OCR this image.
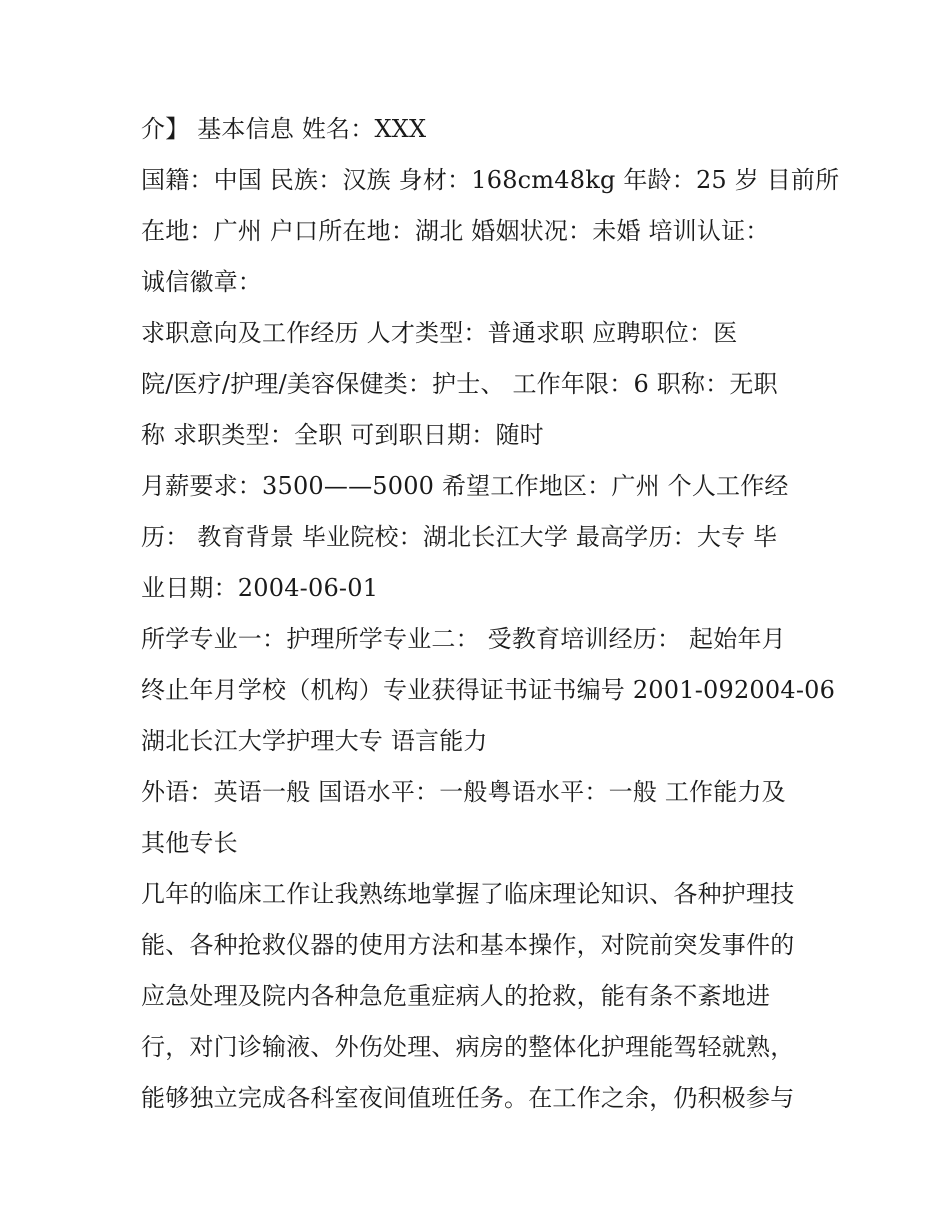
介】 基本信息 姓名：XXX
国籍：中国 民族：汉族 身材：168cm48kg 年龄：25 岁 目前所
在地：广州 户口所在地：湖北 婚姻状况：未婚 培训认证：
诚信徽章：
求职意向及工作经历 人才类型：普通求职 应聘职位：医
院/医疗/护理/美容保健类：护士、 工作年限：6 职称：无职
称 求职类型：全职 可到职日期：随时
月薪要求：3500——5000 希望工作地区：广州 个人工作经
历： 教育背景 毕业院校：湖北长江大学 最高学历：大专 毕
业日期：2004-06-01
所学专业一：护理所学专业二： 受教育培训经历： 起始年月
终止年月学校（机构）专业获得证书证书编号 2001-092004-06
湖北长江大学护理大专 语言能力
外语：英语一般 国语水平：一般粤语水平：一般 工作能力及
其他专长
几年的临床工作让我熟练地掌握了临床理论知识、各种护理技
能、各种抢救仪器的使用方法和基本操作，对院前突发事件的
应急处理及院内各种急危重症病人的抢救，能有条不紊地进
行，对门诊输液、外伤处理、病房的整体化护理能驾轻就熟，
能够独立完成各科室夜间值班任务。在工作之余，仍积极参与
